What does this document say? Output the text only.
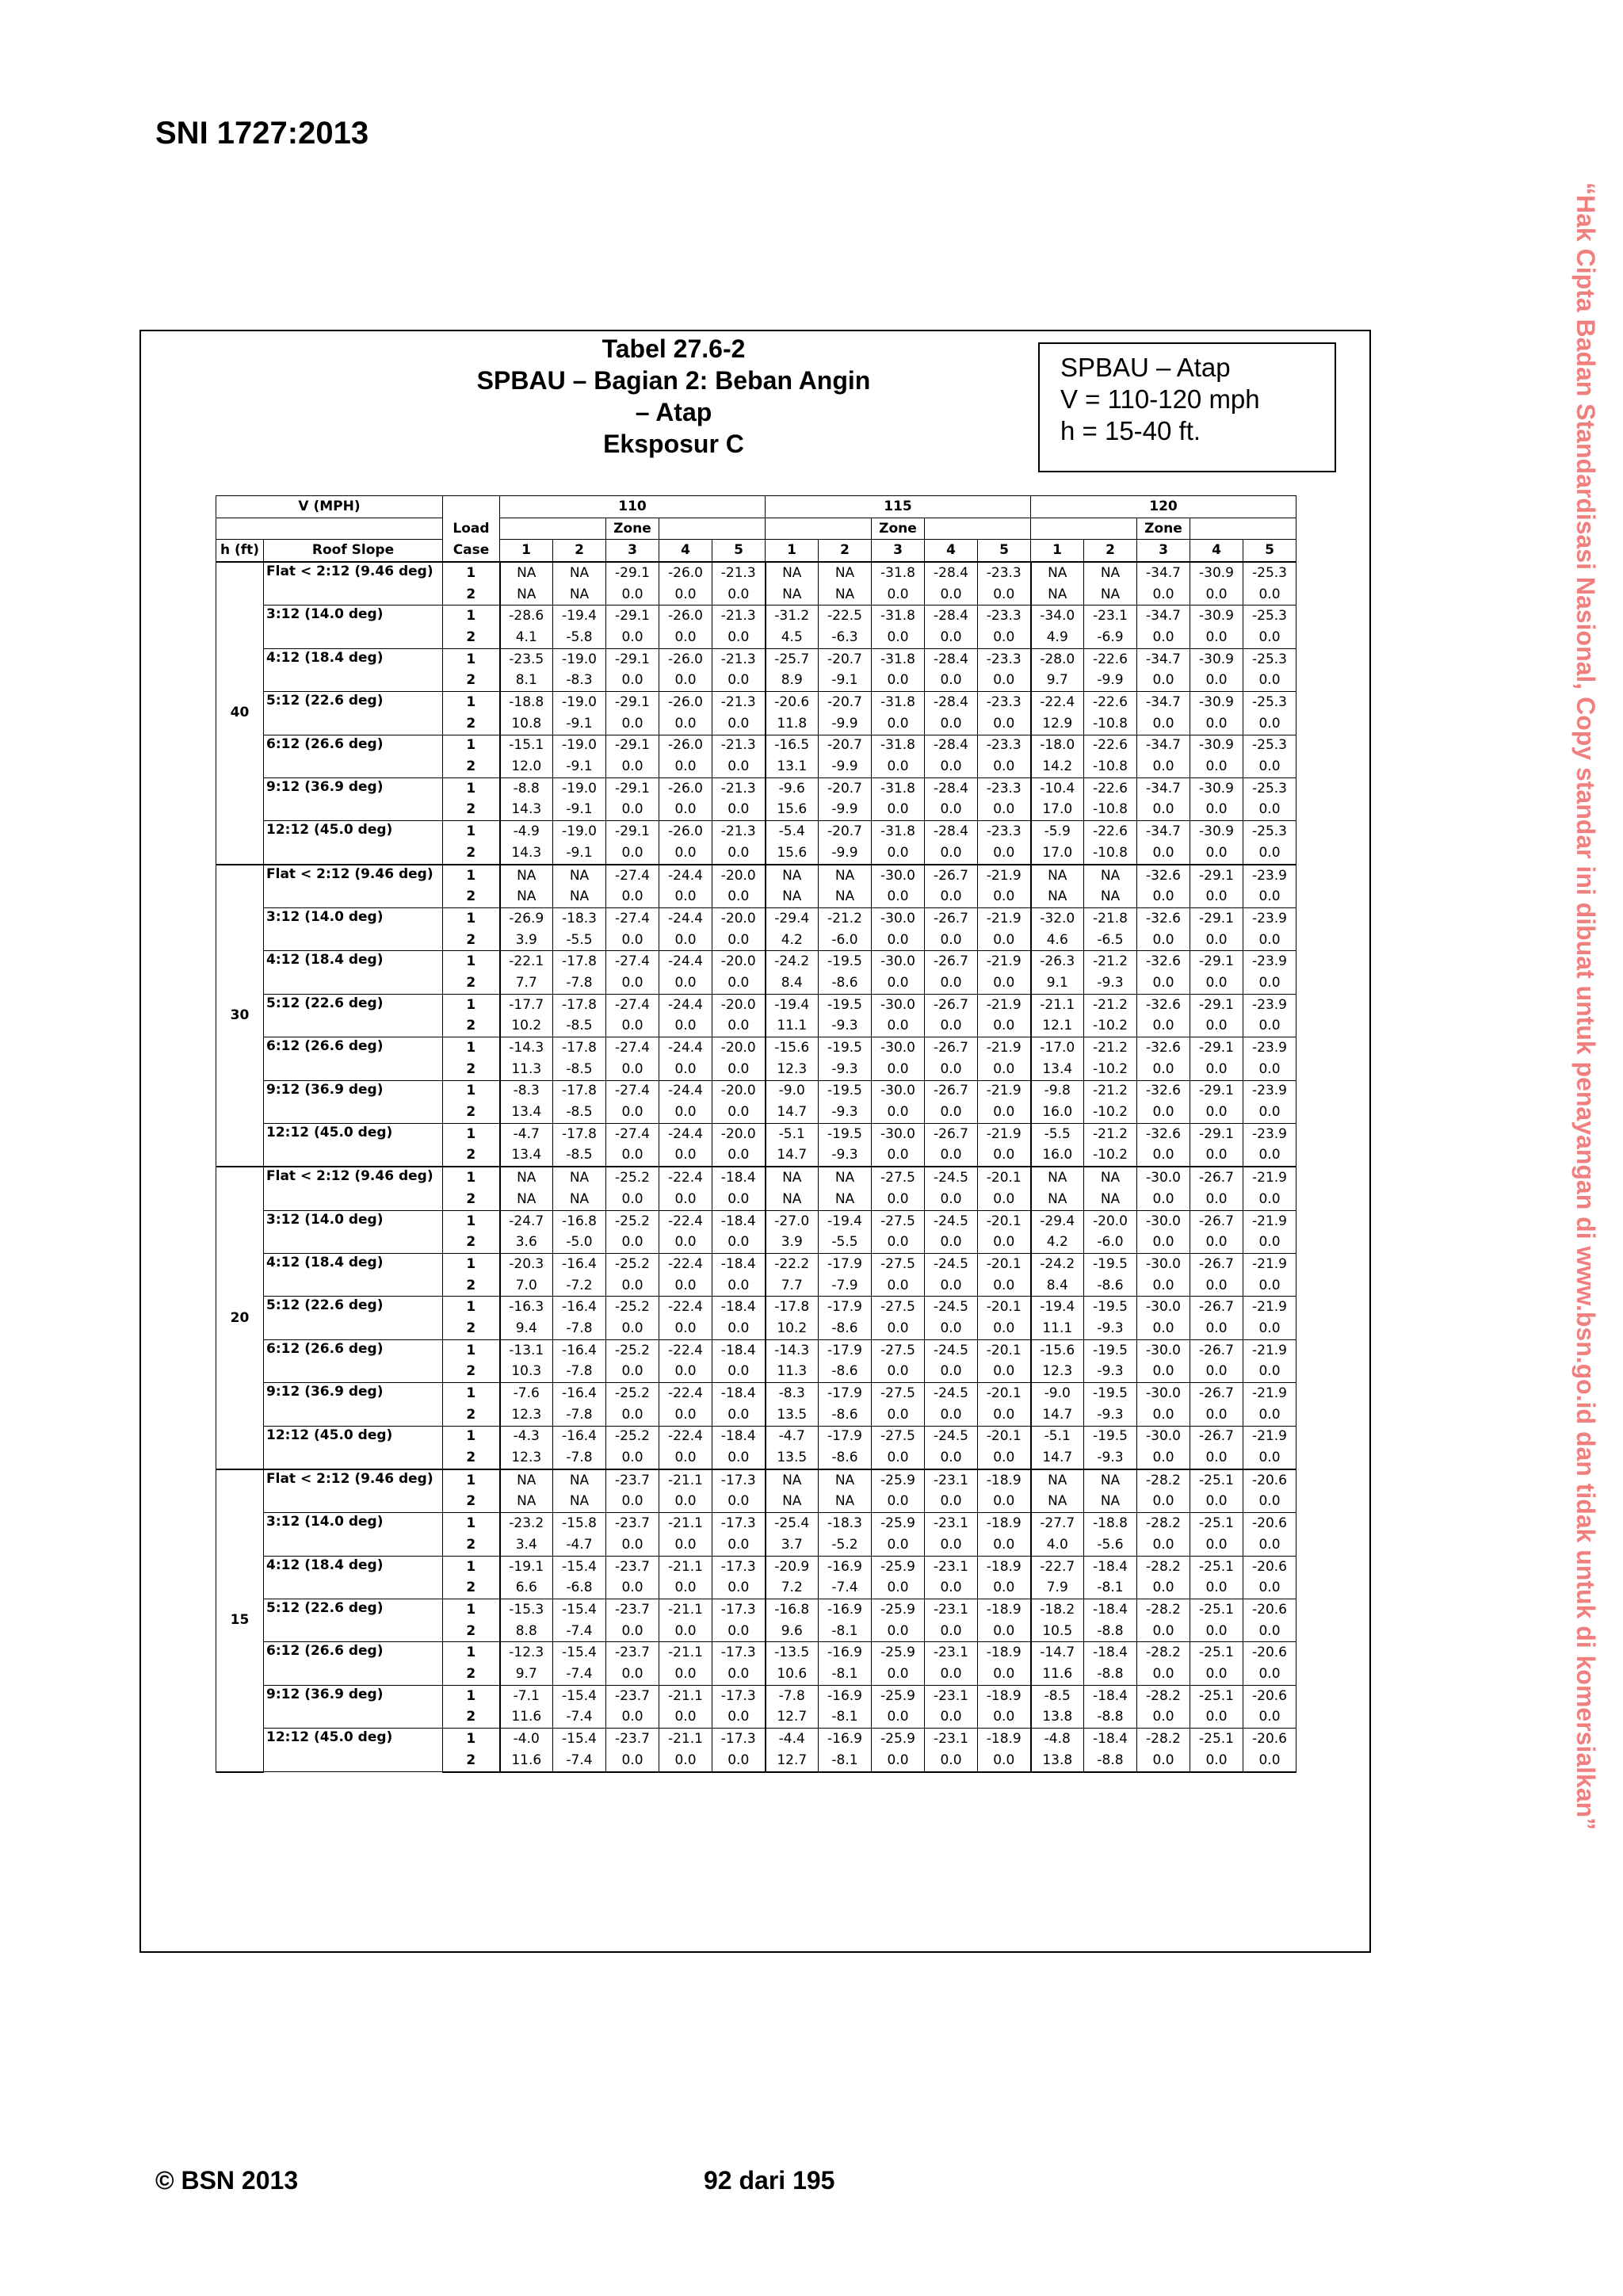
SNI 1727:2013
Tabel 27.6-2
SPBAU – Bagian 2: Beban Angin – Atap
Eksposur C
SPBAU – Atap
V = 110-120 mph
h = 15-40 ft.
V (MPH)			110					115					120				
		Load			Zone					Zone					Zone		
h (ft)	Roof Slope	Case	1	2	3	4	5	1	2	3	4	5	1	2	3	4	5
40	Flat < 2:12 (9.46 deg)	1	NA	NA	-29.1	-26.0	-21.3	NA	NA	-31.8	-28.4	-23.3	NA	NA	-34.7	-30.9	-25.3
		2	NA	NA	0.0	0.0	0.0	NA	NA	0.0	0.0	0.0	NA	NA	0.0	0.0	0.0
	3:12 (14.0 deg)	1	-28.6	-19.4	-29.1	-26.0	-21.3	-31.2	-22.5	-31.8	-28.4	-23.3	-34.0	-23.1	-34.7	-30.9	-25.3
		2	4.1	-5.8	0.0	0.0	0.0	4.5	-6.3	0.0	0.0	0.0	4.9	-6.9	0.0	0.0	0.0
	4:12 (18.4 deg)	1	-23.5	-19.0	-29.1	-26.0	-21.3	-25.7	-20.7	-31.8	-28.4	-23.3	-28.0	-22.6	-34.7	-30.9	-25.3
		2	8.1	-8.3	0.0	0.0	0.0	8.9	-9.1	0.0	0.0	0.0	9.7	-9.9	0.0	0.0	0.0
	5:12 (22.6 deg)	1	-18.8	-19.0	-29.1	-26.0	-21.3	-20.6	-20.7	-31.8	-28.4	-23.3	-22.4	-22.6	-34.7	-30.9	-25.3
		2	10.8	-9.1	0.0	0.0	0.0	11.8	-9.9	0.0	0.0	0.0	12.9	-10.8	0.0	0.0	0.0
	6:12 (26.6 deg)	1	-15.1	-19.0	-29.1	-26.0	-21.3	-16.5	-20.7	-31.8	-28.4	-23.3	-18.0	-22.6	-34.7	-30.9	-25.3
		2	12.0	-9.1	0.0	0.0	0.0	13.1	-9.9	0.0	0.0	0.0	14.2	-10.8	0.0	0.0	0.0
	9:12 (36.9 deg)	1	-8.8	-19.0	-29.1	-26.0	-21.3	-9.6	-20.7	-31.8	-28.4	-23.3	-10.4	-22.6	-34.7	-30.9	-25.3
		2	14.3	-9.1	0.0	0.0	0.0	15.6	-9.9	0.0	0.0	0.0	17.0	-10.8	0.0	0.0	0.0
	12:12 (45.0 deg)	1	-4.9	-19.0	-29.1	-26.0	-21.3	-5.4	-20.7	-31.8	-28.4	-23.3	-5.9	-22.6	-34.7	-30.9	-25.3
		2	14.3	-9.1	0.0	0.0	0.0	15.6	-9.9	0.0	0.0	0.0	17.0	-10.8	0.0	0.0	0.0
30	Flat < 2:12 (9.46 deg)	1	NA	NA	-27.4	-24.4	-20.0	NA	NA	-30.0	-26.7	-21.9	NA	NA	-32.6	-29.1	-23.9
		2	NA	NA	0.0	0.0	0.0	NA	NA	0.0	0.0	0.0	NA	NA	0.0	0.0	0.0
	3:12 (14.0 deg)	1	-26.9	-18.3	-27.4	-24.4	-20.0	-29.4	-21.2	-30.0	-26.7	-21.9	-32.0	-21.8	-32.6	-29.1	-23.9
		2	3.9	-5.5	0.0	0.0	0.0	4.2	-6.0	0.0	0.0	0.0	4.6	-6.5	0.0	0.0	0.0
	4:12 (18.4 deg)	1	-22.1	-17.8	-27.4	-24.4	-20.0	-24.2	-19.5	-30.0	-26.7	-21.9	-26.3	-21.2	-32.6	-29.1	-23.9
		2	7.7	-7.8	0.0	0.0	0.0	8.4	-8.6	0.0	0.0	0.0	9.1	-9.3	0.0	0.0	0.0
	5:12 (22.6 deg)	1	-17.7	-17.8	-27.4	-24.4	-20.0	-19.4	-19.5	-30.0	-26.7	-21.9	-21.1	-21.2	-32.6	-29.1	-23.9
		2	10.2	-8.5	0.0	0.0	0.0	11.1	-9.3	0.0	0.0	0.0	12.1	-10.2	0.0	0.0	0.0
	6:12 (26.6 deg)	1	-14.3	-17.8	-27.4	-24.4	-20.0	-15.6	-19.5	-30.0	-26.7	-21.9	-17.0	-21.2	-32.6	-29.1	-23.9
		2	11.3	-8.5	0.0	0.0	0.0	12.3	-9.3	0.0	0.0	0.0	13.4	-10.2	0.0	0.0	0.0
	9:12 (36.9 deg)	1	-8.3	-17.8	-27.4	-24.4	-20.0	-9.0	-19.5	-30.0	-26.7	-21.9	-9.8	-21.2	-32.6	-29.1	-23.9
		2	13.4	-8.5	0.0	0.0	0.0	14.7	-9.3	0.0	0.0	0.0	16.0	-10.2	0.0	0.0	0.0
	12:12 (45.0 deg)	1	-4.7	-17.8	-27.4	-24.4	-20.0	-5.1	-19.5	-30.0	-26.7	-21.9	-5.5	-21.2	-32.6	-29.1	-23.9
		2	13.4	-8.5	0.0	0.0	0.0	14.7	-9.3	0.0	0.0	0.0	16.0	-10.2	0.0	0.0	0.0
20	Flat < 2:12 (9.46 deg)	1	NA	NA	-25.2	-22.4	-18.4	NA	NA	-27.5	-24.5	-20.1	NA	NA	-30.0	-26.7	-21.9
		2	NA	NA	0.0	0.0	0.0	NA	NA	0.0	0.0	0.0	NA	NA	0.0	0.0	0.0
	3:12 (14.0 deg)	1	-24.7	-16.8	-25.2	-22.4	-18.4	-27.0	-19.4	-27.5	-24.5	-20.1	-29.4	-20.0	-30.0	-26.7	-21.9
		2	3.6	-5.0	0.0	0.0	0.0	3.9	-5.5	0.0	0.0	0.0	4.2	-6.0	0.0	0.0	0.0
	4:12 (18.4 deg)	1	-20.3	-16.4	-25.2	-22.4	-18.4	-22.2	-17.9	-27.5	-24.5	-20.1	-24.2	-19.5	-30.0	-26.7	-21.9
		2	7.0	-7.2	0.0	0.0	0.0	7.7	-7.9	0.0	0.0	0.0	8.4	-8.6	0.0	0.0	0.0
	5:12 (22.6 deg)	1	-16.3	-16.4	-25.2	-22.4	-18.4	-17.8	-17.9	-27.5	-24.5	-20.1	-19.4	-19.5	-30.0	-26.7	-21.9
		2	9.4	-7.8	0.0	0.0	0.0	10.2	-8.6	0.0	0.0	0.0	11.1	-9.3	0.0	0.0	0.0
	6:12 (26.6 deg)	1	-13.1	-16.4	-25.2	-22.4	-18.4	-14.3	-17.9	-27.5	-24.5	-20.1	-15.6	-19.5	-30.0	-26.7	-21.9
		2	10.3	-7.8	0.0	0.0	0.0	11.3	-8.6	0.0	0.0	0.0	12.3	-9.3	0.0	0.0	0.0
	9:12 (36.9 deg)	1	-7.6	-16.4	-25.2	-22.4	-18.4	-8.3	-17.9	-27.5	-24.5	-20.1	-9.0	-19.5	-30.0	-26.7	-21.9
		2	12.3	-7.8	0.0	0.0	0.0	13.5	-8.6	0.0	0.0	0.0	14.7	-9.3	0.0	0.0	0.0
	12:12 (45.0 deg)	1	-4.3	-16.4	-25.2	-22.4	-18.4	-4.7	-17.9	-27.5	-24.5	-20.1	-5.1	-19.5	-30.0	-26.7	-21.9
		2	12.3	-7.8	0.0	0.0	0.0	13.5	-8.6	0.0	0.0	0.0	14.7	-9.3	0.0	0.0	0.0
15	Flat < 2:12 (9.46 deg)	1	NA	NA	-23.7	-21.1	-17.3	NA	NA	-25.9	-23.1	-18.9	NA	NA	-28.2	-25.1	-20.6
		2	NA	NA	0.0	0.0	0.0	NA	NA	0.0	0.0	0.0	NA	NA	0.0	0.0	0.0
	3:12 (14.0 deg)	1	-23.2	-15.8	-23.7	-21.1	-17.3	-25.4	-18.3	-25.9	-23.1	-18.9	-27.7	-18.8	-28.2	-25.1	-20.6
		2	3.4	-4.7	0.0	0.0	0.0	3.7	-5.2	0.0	0.0	0.0	4.0	-5.6	0.0	0.0	0.0
	4:12 (18.4 deg)	1	-19.1	-15.4	-23.7	-21.1	-17.3	-20.9	-16.9	-25.9	-23.1	-18.9	-22.7	-18.4	-28.2	-25.1	-20.6
		2	6.6	-6.8	0.0	0.0	0.0	7.2	-7.4	0.0	0.0	0.0	7.9	-8.1	0.0	0.0	0.0
	5:12 (22.6 deg)	1	-15.3	-15.4	-23.7	-21.1	-17.3	-16.8	-16.9	-25.9	-23.1	-18.9	-18.2	-18.4	-28.2	-25.1	-20.6
		2	8.8	-7.4	0.0	0.0	0.0	9.6	-8.1	0.0	0.0	0.0	10.5	-8.8	0.0	0.0	0.0
	6:12 (26.6 deg)	1	-12.3	-15.4	-23.7	-21.1	-17.3	-13.5	-16.9	-25.9	-23.1	-18.9	-14.7	-18.4	-28.2	-25.1	-20.6
		2	9.7	-7.4	0.0	0.0	0.0	10.6	-8.1	0.0	0.0	0.0	11.6	-8.8	0.0	0.0	0.0
	9:12 (36.9 deg)	1	-7.1	-15.4	-23.7	-21.1	-17.3	-7.8	-16.9	-25.9	-23.1	-18.9	-8.5	-18.4	-28.2	-25.1	-20.6
		2	11.6	-7.4	0.0	0.0	0.0	12.7	-8.1	0.0	0.0	0.0	13.8	-8.8	0.0	0.0	0.0
	12:12 (45.0 deg)	1	-4.0	-15.4	-23.7	-21.1	-17.3	-4.4	-16.9	-25.9	-23.1	-18.9	-4.8	-18.4	-28.2	-25.1	-20.6
		2	11.6	-7.4	0.0	0.0	0.0	12.7	-8.1	0.0	0.0	0.0	13.8	-8.8	0.0	0.0	0.0
© BSN 2013	92 dari 195
“Hak Cipta Badan Standardisasi Nasional, Copy standar ini dibuat untuk penayangan di www.bsn.go.id dan tidak untuk di komersialkan”
